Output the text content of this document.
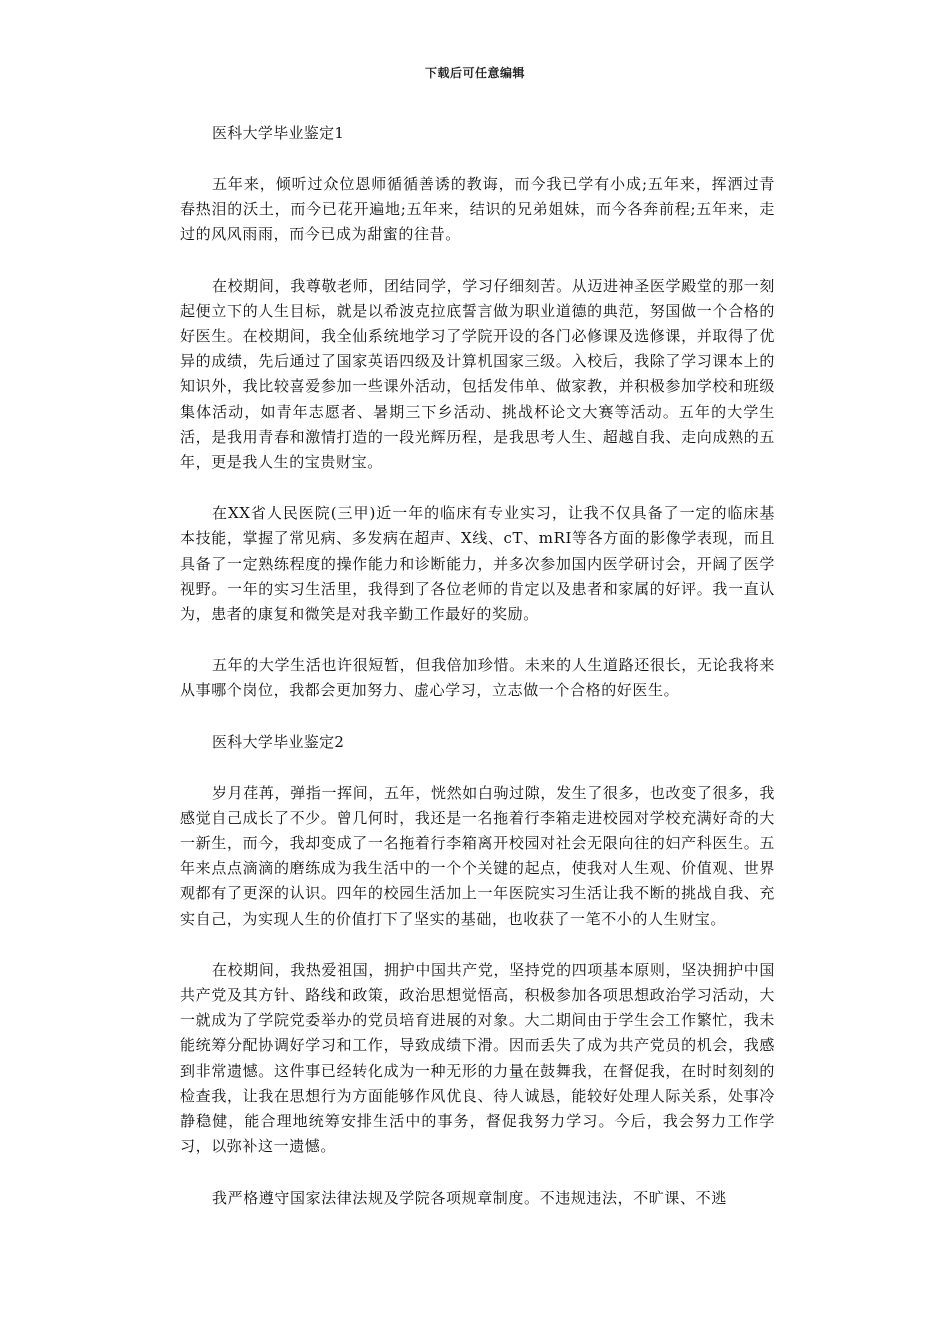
下载后可任意编辑

医科大学毕业鉴定1

五年来，倾听过众位恩师循循善诱的教诲，而今我已学有小成;五年来，挥洒过青春热泪的沃土，而今已花开遍地;五年来，结识的兄弟姐妹，而今各奔前程;五年来，走过的风风雨雨，而今已成为甜蜜的往昔。

在校期间，我尊敬老师，团结同学，学习仔细刻苦。从迈进神圣医学殿堂的那一刻起便立下的人生目标，就是以希波克拉底誓言做为职业道德的典范，努国做一个合格的好医生。在校期间，我全仙系统地学习了学院开设的各门必修课及选修课，并取得了优异的成绩，先后通过了国家英语四级及计算机国家三级。入校后，我除了学习课本上的知识外，我比较喜爱参加一些课外活动，包括发伟单、做家教，并积极参加学校和班级集体活动，如青年志愿者、暑期三下乡活动、挑战杯论文大赛等活动。五年的大学生活，是我用青春和激情打造的一段光辉历程，是我思考人生、超越自我、走向成熟的五年，更是我人生的宝贵财宝。

在XX省人民医院(三甲)近一年的临床有专业实习，让我不仅具备了一定的临床基本技能，掌握了常见病、多发病在超声、X线、cT、mRI等各方面的影像学表现，而且具备了一定熟练程度的操作能力和诊断能力，并多次参加国内医学研讨会，开阔了医学视野。一年的实习生活里，我得到了各位老师的肯定以及患者和家属的好评。我一直认为，患者的康复和微笑是对我辛勤工作最好的奖励。

五年的大学生活也许很短暂，但我倍加珍惜。未来的人生道路还很长，无论我将来从事哪个岗位，我都会更加努力、虚心学习，立志做一个合格的好医生。

医科大学毕业鉴定2

岁月荏苒，弹指一挥间，五年，恍然如白驹过隙，发生了很多，也改变了很多，我感觉自己成长了不少。曾几何时，我还是一名拖着行李箱走进校园对学校充满好奇的大一新生，而今，我却变成了一名拖着行李箱离开校园对社会无限向往的妇产科医生。五年来点点滴滴的磨练成为我生活中的一个个关键的起点，使我对人生观、价值观、世界观都有了更深的认识。四年的校园生活加上一年医院实习生活让我不断的挑战自我、充实自己，为实现人生的价值打下了坚实的基础，也收获了一笔不小的人生财宝。

在校期间，我热爱祖国，拥护中国共产党，坚持党的四项基本原则，坚决拥护中国共产党及其方针、路线和政策，政治思想觉悟高，积极参加各项思想政治学习活动，大一就成为了学院党委举办的党员培育进展的对象。大二期间由于学生会工作繁忙，我未能统筹分配协调好学习和工作，导致成绩下滑。因而丢失了成为共产党员的机会，我感到非常遗憾。这件事已经转化成为一种无形的力量在鼓舞我，在督促我，在时时刻刻的检查我，让我在思想行为方面能够作风优良、待人诚恳，能较好处理人际关系，处事冷静稳健，能合理地统筹安排生活中的事务，督促我努力学习。今后，我会努力工作学习，以弥补这一遗憾。

我严格遵守国家法律法规及学院各项规章制度。不违规违法，不旷课、不逃
